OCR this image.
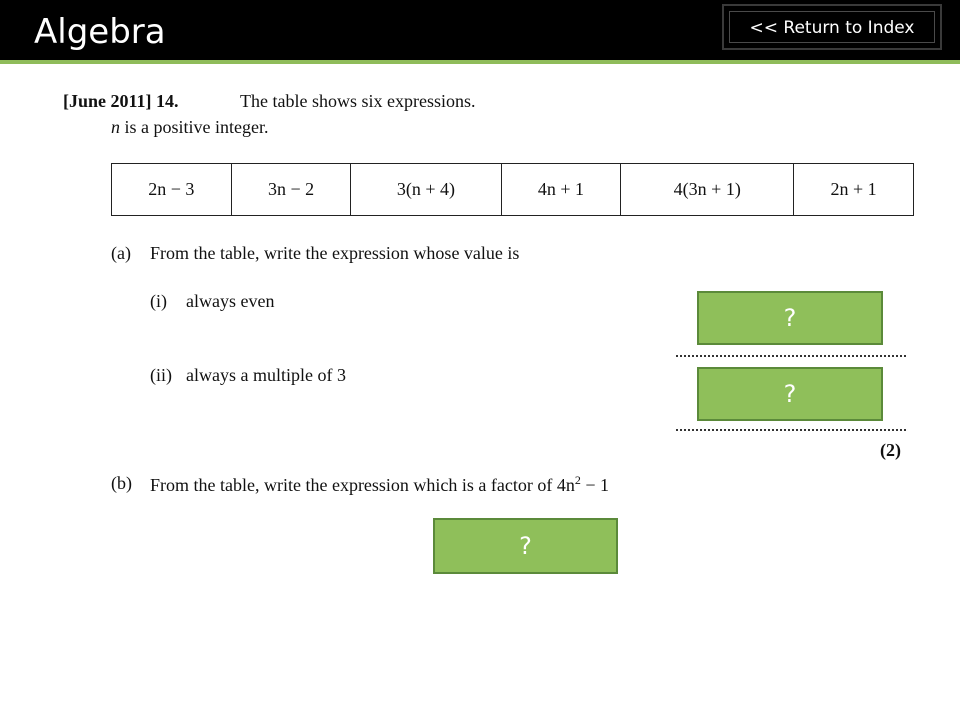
Algebra	<< Return to Index
[June 2011] 14.	The table shows six expressions.
n is a positive integer.
2n − 3	3n − 2	3(n + 4)	4n + 1	4(3n + 1)	2n + 1
(a) From the table, write the expression whose value is
(i) always even
(ii) always a multiple of 3
(2)
(b) From the table, write the expression which is a factor of $4n^2 - 1$
?
?
?
